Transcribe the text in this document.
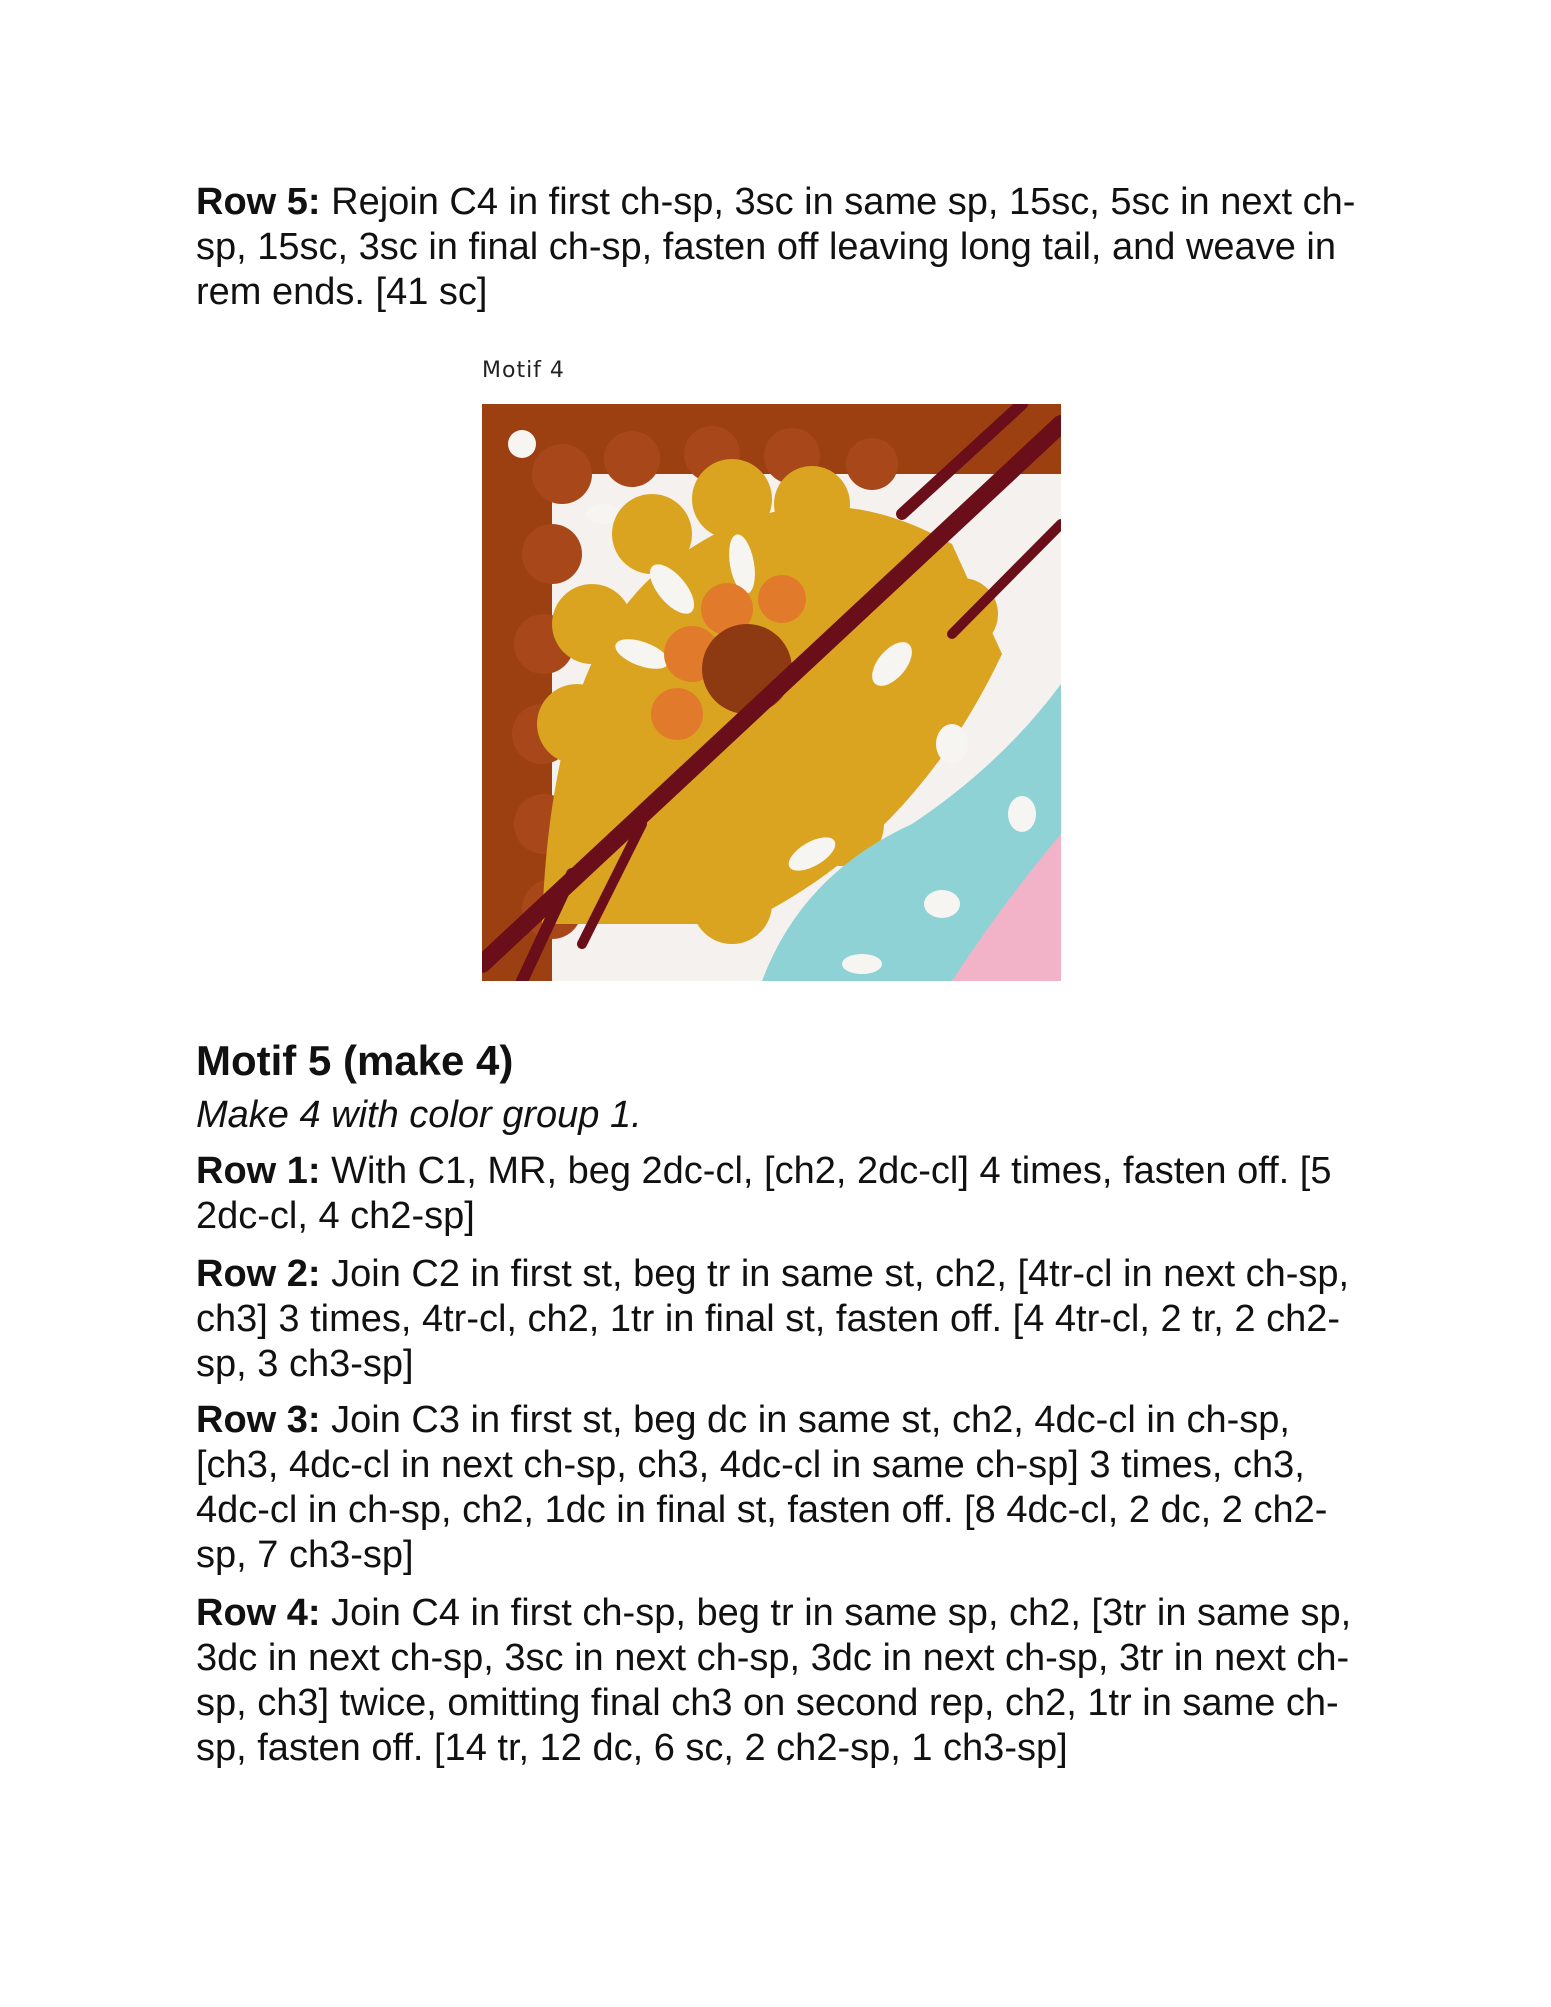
Row 5: Rejoin C4 in first ch-sp, 3sc in same sp, 15sc, 5sc in next ch-sp, 15sc, 3sc in final ch-sp, fasten off leaving long tail, and weave in rem ends. [41 sc]

Motif 4
Motif 5 (make 4)
Make 4 with color group 1.

Row 1: With C1, MR, beg 2dc-cl, [ch2, 2dc-cl] 4 times, fasten off. [5 2dc-cl, 4 ch2-sp]

Row 2: Join C2 in first st, beg tr in same st, ch2, [4tr-cl in next ch-sp, ch3] 3 times, 4tr-cl, ch2, 1tr in final st, fasten off. [4 4tr-cl, 2 tr, 2 ch2-sp, 3 ch3-sp]

Row 3: Join C3 in first st, beg dc in same st, ch2, 4dc-cl in ch-sp, [ch3, 4dc-cl in next ch-sp, ch3, 4dc-cl in same ch-sp] 3 times, ch3, 4dc-cl in ch-sp, ch2, 1dc in final st, fasten off. [8 4dc-cl, 2 dc, 2 ch2-sp, 7 ch3-sp]

Row 4: Join C4 in first ch-sp, beg tr in same sp, ch2, [3tr in same sp, 3dc in next ch-sp, 3sc in next ch-sp, 3dc in next ch-sp, 3tr in next ch-sp, ch3] twice, omitting final ch3 on second rep, ch2, 1tr in same ch-sp, fasten off. [14 tr, 12 dc, 6 sc, 2 ch2-sp, 1 ch3-sp]
